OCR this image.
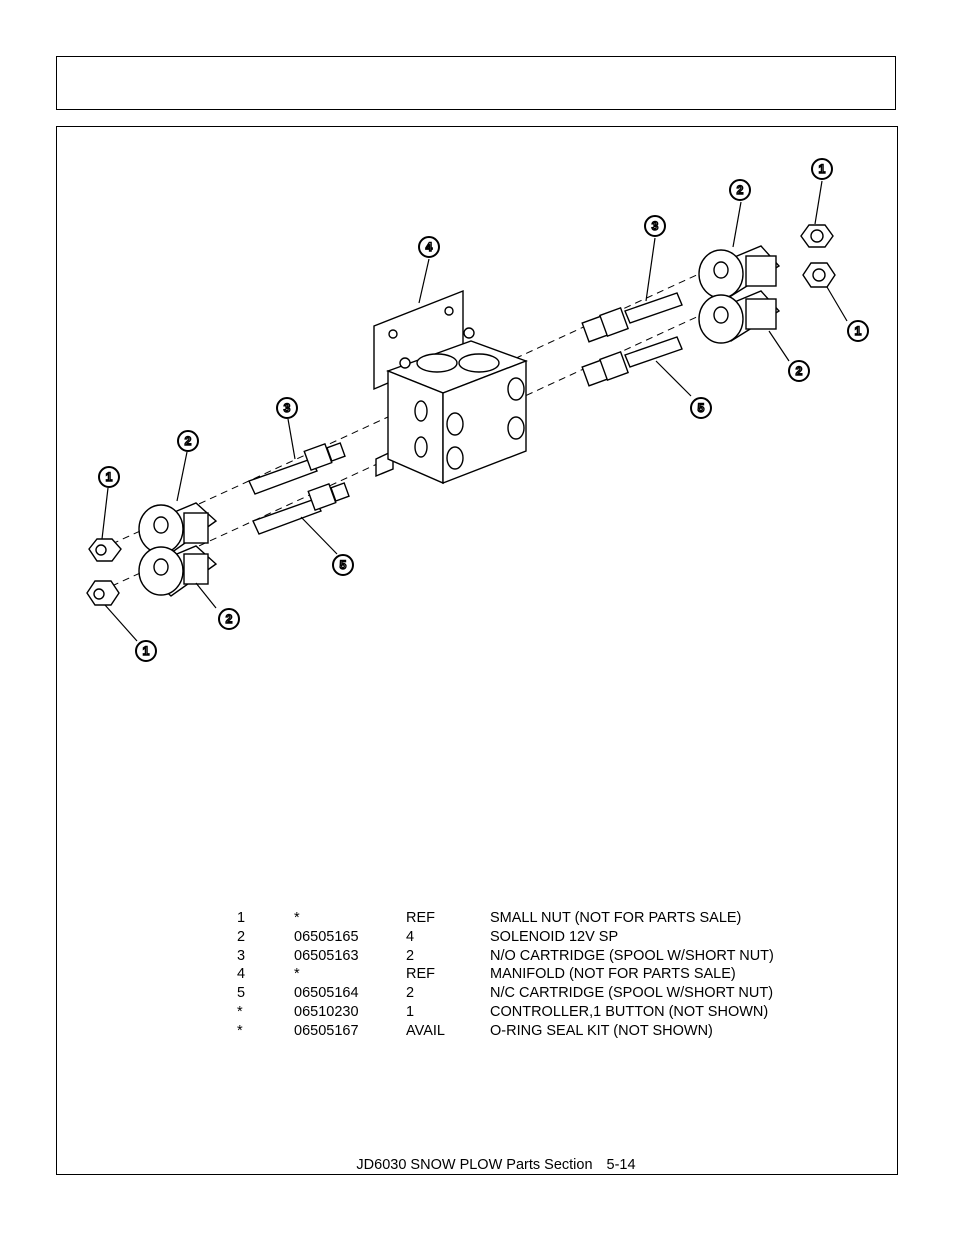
1
2
3
5
2
1
4
1
2
3
1
2
5
1	*	REF	SMALL NUT (NOT FOR PARTS SALE)
2	06505165	4	SOLENOID 12V SP
3	06505163	2	N/O CARTRIDGE (SPOOL W/SHORT NUT)
4	*	REF	MANIFOLD (NOT FOR PARTS SALE)
5	06505164	2	N/C CARTRIDGE (SPOOL W/SHORT NUT)
*	06510230	1	CONTROLLER,1 BUTTON (NOT SHOWN)
*	06505167	AVAIL	O-RING SEAL KIT (NOT SHOWN)
JD6030 SNOW PLOW Parts Section 5-14
